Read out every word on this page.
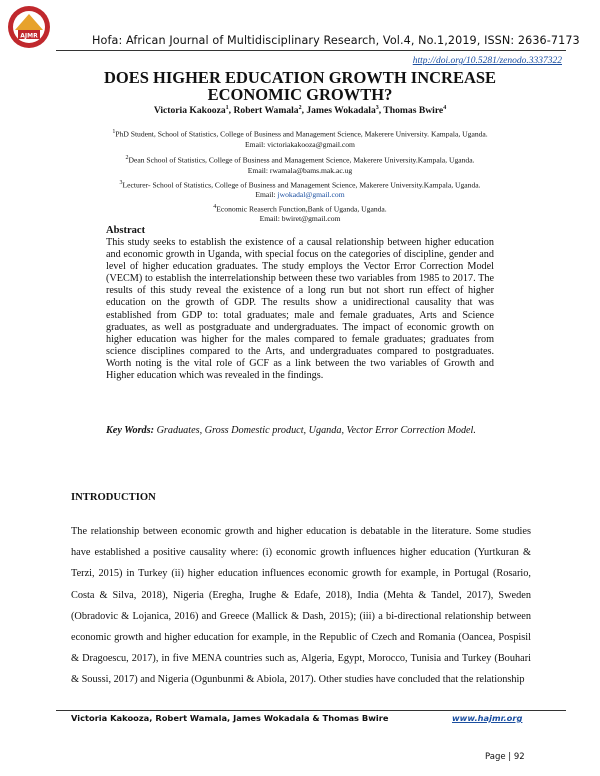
AJMR	Hofa: African Journal of Multidisciplinary Research, Vol.4, No.1,2019, ISSN: 2636-7173
http://doi.org/10.5281/zenodo.3337322
DOES HIGHER EDUCATION GROWTH INCREASE
ECONOMIC GROWTH?
Victoria Kakooza$^1$, Robert Wamala$^2$, James Wokadala$^3$, Thomas Bwire$^4$
$^1$PhD Student, School of Statistics, College of Business and Management Science, Makerere University. Kampala, Uganda.
Email: victoriakakooza@gmail.com
$^2$Dean School of Statistics, College of Business and Management Science, Makerere University.Kampala, Uganda.
Email: rwamala@bams.mak.ac.ug
$^3$Lecturer- School of Statistics, College of Business and Management Science, Makerere University.Kampala, Uganda.
Email: jwokadal@gmail.com
$^4$Economic Reaserch Function,Bank of Uganda, Uganda.
Email: bwiret@gmail.com
Abstract
This study seeks to establish the existence of a causal relationship between higher education and economic growth in Uganda, with special focus on the categories of discipline, gender and level of higher education graduates. The study employs the Vector Error Correction Model (VECM) to establish the interrelationship between these two variables from 1985 to 2017. The results of this study reveal the existence of a long run but not short run effect of higher education on the growth of GDP. The results show a unidirectional causality that was established from GDP to: total graduates; male and female graduates, Arts and Science graduates, as well as postgraduate and undergraduates. The impact of economic growth on higher education was higher for the males compared to female graduates; graduates from science disciplines compared to the Arts, and undergraduates compared to postgraduates. Worth noting is the vital role of GCF as a link between the two variables of Growth and Higher education which was revealed in the findings.
Key Words: Graduates, Gross Domestic product, Uganda, Vector Error Correction Model.
INTRODUCTION
The relationship between economic growth and higher education is debatable in the literature. Some studies have established a positive causality where: (i) economic growth influences higher education (Yurtkuran & Terzi, 2015) in Turkey (ii) higher education influences economic growth for example, in Portugal (Rosario, Costa & Silva, 2018), Nigeria (Eregha, Irughe & Edafe, 2018), India (Mehta & Tandel, 2017), Sweden (Obradovic & Lojanica, 2016) and Greece (Mallick & Dash, 2015); (iii) a bi-directional relationship between economic growth and higher education for example, in the Republic of Czech and Romania (Oancea, Pospisil & Dragoescu, 2017), in five MENA countries such as, Algeria, Egypt, Morocco, Tunisia and Turkey (Bouhari & Soussi, 2017) and Nigeria (Ogunbunmi & Abiola, 2017). Other studies have concluded that the relationship
Victoria Kakooza, Robert Wamala, James Wokadala & Thomas Bwire	www.hajmr.org
Page | 92
